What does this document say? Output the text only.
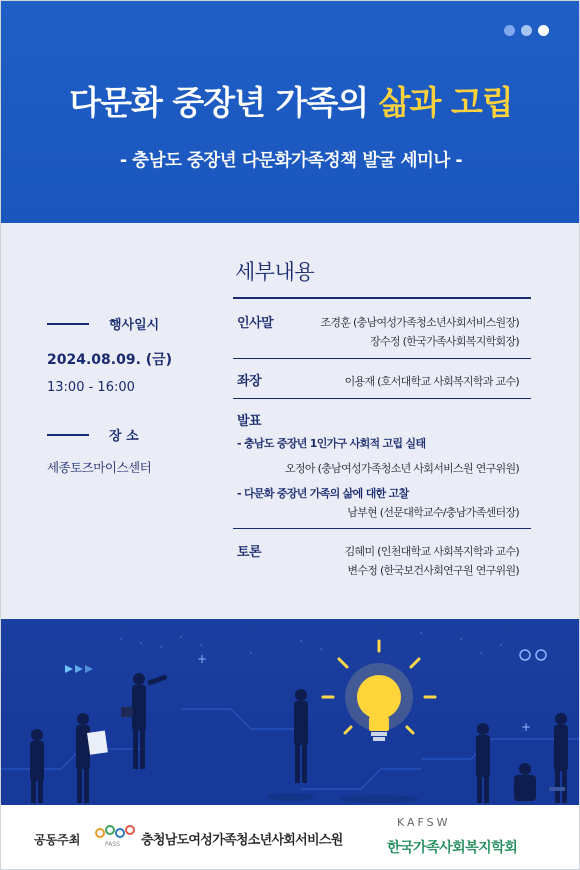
다문화 중장년 가족의 삶과 고립
- 충남도 중장년 다문화가족정책 발굴 세미나 -
행사일시
2024.08.09. (금)
13:00 - 16:00
장 소
세종토즈마이스센터
세부내용
인사말	조경훈 (충남여성가족청소년사회서비스원장)
장수정 (한국가족사회복지학회장)
좌장	이용재 (호서대학교 사회복지학과 교수)
발표
- 충남도 중장년 1인가구 사회적 고립 실태
오정아 (충남여성가족청소년 사회서비스원 연구위원)
- 다문화 중장년 가족의 삶에 대한 고찰
남부현 (선문대학교수/충남가족센터장)
토론	김혜미 (인천대학교 사회복지학과 교수)
변수정 (한국보건사회연구원 연구위원)
+
+
공동주최	PASS 충청남도여성가족청소년사회서비스원
KAFSW
한국가족사회복지학회
